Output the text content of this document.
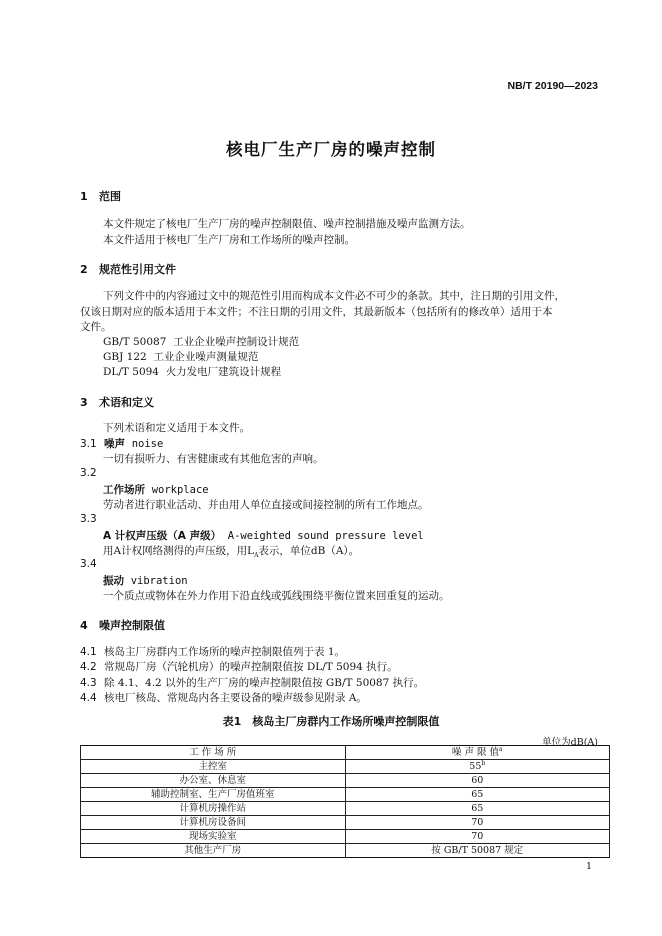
NB/T 20190—2023
核电厂生产厂房的噪声控制
1 范围
本文件规定了核电厂生产厂房的噪声控制限值、噪声控制措施及噪声监测方法。
本文件适用于核电厂生产厂房和工作场所的噪声控制。
2 规范性引用文件
下列文件中的内容通过文中的规范性引用而构成本文件必不可少的条款。其中，注日期的引用文件，
仅该日期对应的版本适用于本文件；不注日期的引用文件，其最新版本（包括所有的修改单）适用于本
文件。
GB/T 50087 工业企业噪声控制设计规范
GBJ 122 工业企业噪声测量规范
DL/T 5094 火力发电厂建筑设计规程
3 术语和定义
下列术语和定义适用于本文件。
3.1 噪声 noise
一切有损听力、有害健康或有其他危害的声响。
3.2
工作场所 workplace
劳动者进行职业活动、并由用人单位直接或间接控制的所有工作地点。
3.3
A 计权声压级（A 声级） A-weighted sound pressure level
用A计权网络测得的声压级，用$L_A$表示，单位dB（A）。
3.4
振动 vibration
一个质点或物体在外力作用下沿直线或弧线围绕平衡位置来回重复的运动。
4 噪声控制限值
4.1 核岛主厂房群内工作场所的噪声控制限值列于表 1。
4.2 常规岛厂房（汽轮机房）的噪声控制限值按 DL/T 5094 执行。
4.3 除 4.1、4.2 以外的生产厂房的噪声控制限值按 GB/T 50087 执行。
4.4 核电厂核岛、常规岛内各主要设备的噪声级参见附录 A。
表1　核岛主厂房群内工作场所噪声控制限值
单位为dB(A)
工 作 场 所	噪 声 限 值$^a$
主控室	55$^b$
办公室、休息室	60
辅助控制室、生产厂房值班室	65
计算机房操作站	65
计算机房设备间	70
现场实验室	70
其他生产厂房	按 GB/T 50087 规定
1
